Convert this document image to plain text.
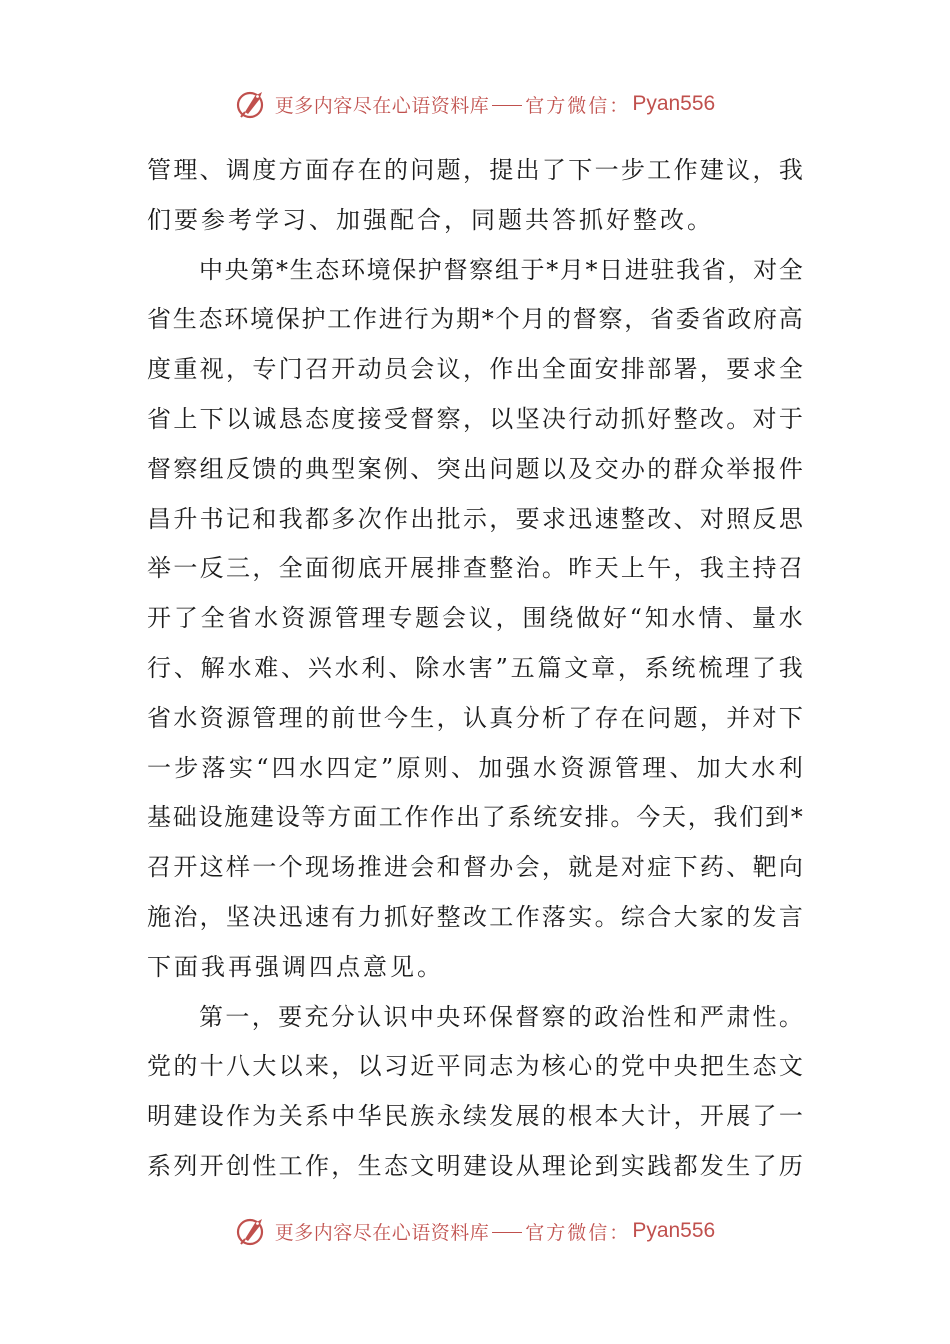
更多内容尽在心语资料库 官方微信： Pyan556
管 理 、 调 度 方 面 存 在 的 问 题 ， 提 出 了 下 一 步 工 作 建 议 ， 我
们要参考学习、加强配合，同题共答抓好整改。
中 央 第 * 生 态 环 境 保 护 督 察 组 于 * 月 * 日 进 驻 我 省 ， 对 全
省 生 态 环 境 保 护 工 作 进 行 为 期 * 个 月 的 督 察 ， 省 委 省 政 府 高
度 重 视 ， 专 门 召 开 动 员 会 议 ， 作 出 全 面 安 排 部 署 ， 要 求 全
省 上 下 以 诚 恳 态 度 接 受 督 察 ， 以 坚 决 行 动 抓 好 整 改 。 对 于
督 察 组 反 馈 的 典 型 案 例 、 突 出 问 题 以 及 交 办 的 群 众 举 报 件
昌 升 书 记 和 我 都 多 次 作 出 批 示 ， 要 求 迅 速 整 改 、 对 照 反 思
举 一 反 三 ， 全 面 彻 底 开 展 排 查 整 治 。 昨 天 上 午 ， 我 主 持 召
开 了 全 省 水 资 源 管 理 专 题 会 议 ， 围 绕 做 好 “ 知 水 情 、 量 水
行 、 解 水 难 、 兴 水 利 、 除 水 害 ” 五 篇 文 章 ， 系 统 梳 理 了 我
省 水 资 源 管 理 的 前 世 今 生 ， 认 真 分 析 了 存 在 问 题 ， 并 对 下
一 步 落 实 “ 四 水 四 定 ” 原 则 、 加 强 水 资 源 管 理 、 加 大 水 利
基 础 设 施 建 设 等 方 面 工 作 作 出 了 系 统 安 排 。 今 天 ， 我 们 到 *
召 开 这 样 一 个 现 场 推 进 会 和 督 办 会 ， 就 是 对 症 下 药 、 靶 向
施 治 ， 坚 决 迅 速 有 力 抓 好 整 改 工 作 落 实 。 综 合 大 家 的 发 言
下面我再强调四点意见。
第 一 ， 要 充 分 认 识 中 央 环 保 督 察 的 政 治 性 和 严 肃 性 。
党 的 十 八 大 以 来 ， 以 习 近 平 同 志 为 核 心 的 党 中 央 把 生 态 文
明 建 设 作 为 关 系 中 华 民 族 永 续 发 展 的 根 本 大 计 ， 开 展 了 一
系 列 开 创 性 工 作 ， 生 态 文 明 建 设 从 理 论 到 实 践 都 发 生 了 历
更多内容尽在心语资料库 官方微信： Pyan556
